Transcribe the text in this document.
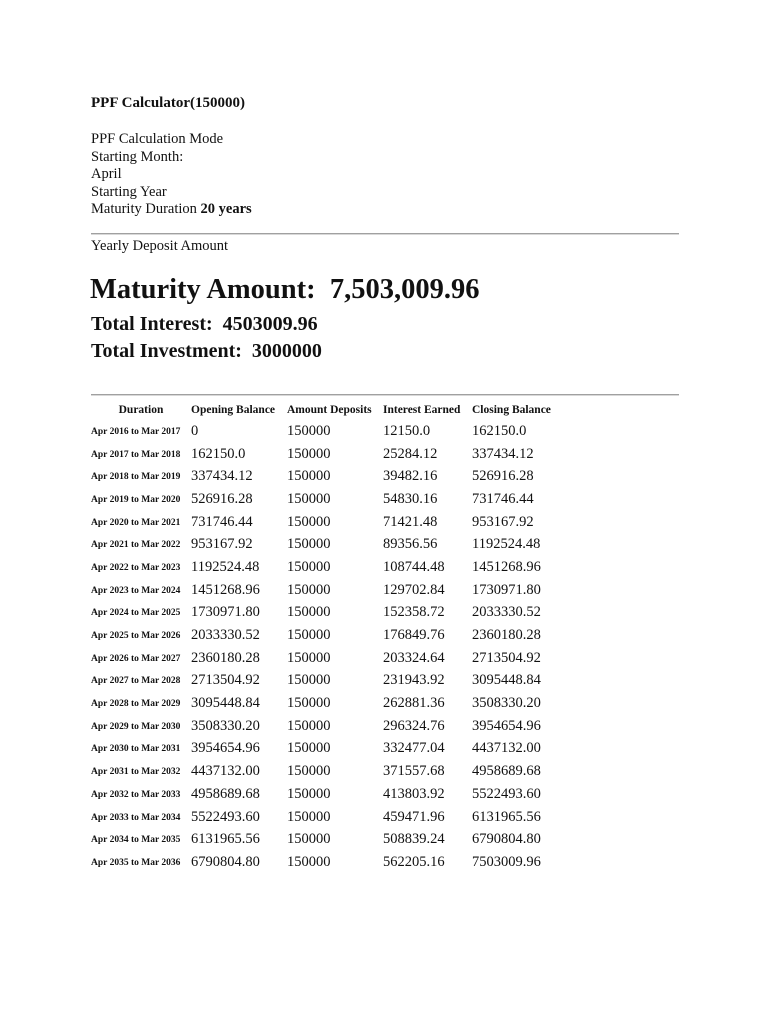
PPF Calculator(150000)
PPF Calculation Mode
Starting Month:
April
Starting Year
Maturity Duration 20 years
Yearly Deposit Amount
Maturity Amount:  7,503,009.96
Total Interest:  4503009.96
Total Investment:  3000000
Duration	Opening Balance	Amount Deposits	Interest Earned	Closing Balance
Apr 2016 to Mar 2017	0	150000	12150.0	162150.0
Apr 2017 to Mar 2018	162150.0	150000	25284.12	337434.12
Apr 2018 to Mar 2019	337434.12	150000	39482.16	526916.28
Apr 2019 to Mar 2020	526916.28	150000	54830.16	731746.44
Apr 2020 to Mar 2021	731746.44	150000	71421.48	953167.92
Apr 2021 to Mar 2022	953167.92	150000	89356.56	1192524.48
Apr 2022 to Mar 2023	1192524.48	150000	108744.48	1451268.96
Apr 2023 to Mar 2024	1451268.96	150000	129702.84	1730971.80
Apr 2024 to Mar 2025	1730971.80	150000	152358.72	2033330.52
Apr 2025 to Mar 2026	2033330.52	150000	176849.76	2360180.28
Apr 2026 to Mar 2027	2360180.28	150000	203324.64	2713504.92
Apr 2027 to Mar 2028	2713504.92	150000	231943.92	3095448.84
Apr 2028 to Mar 2029	3095448.84	150000	262881.36	3508330.20
Apr 2029 to Mar 2030	3508330.20	150000	296324.76	3954654.96
Apr 2030 to Mar 2031	3954654.96	150000	332477.04	4437132.00
Apr 2031 to Mar 2032	4437132.00	150000	371557.68	4958689.68
Apr 2032 to Mar 2033	4958689.68	150000	413803.92	5522493.60
Apr 2033 to Mar 2034	5522493.60	150000	459471.96	6131965.56
Apr 2034 to Mar 2035	6131965.56	150000	508839.24	6790804.80
Apr 2035 to Mar 2036	6790804.80	150000	562205.16	7503009.96
